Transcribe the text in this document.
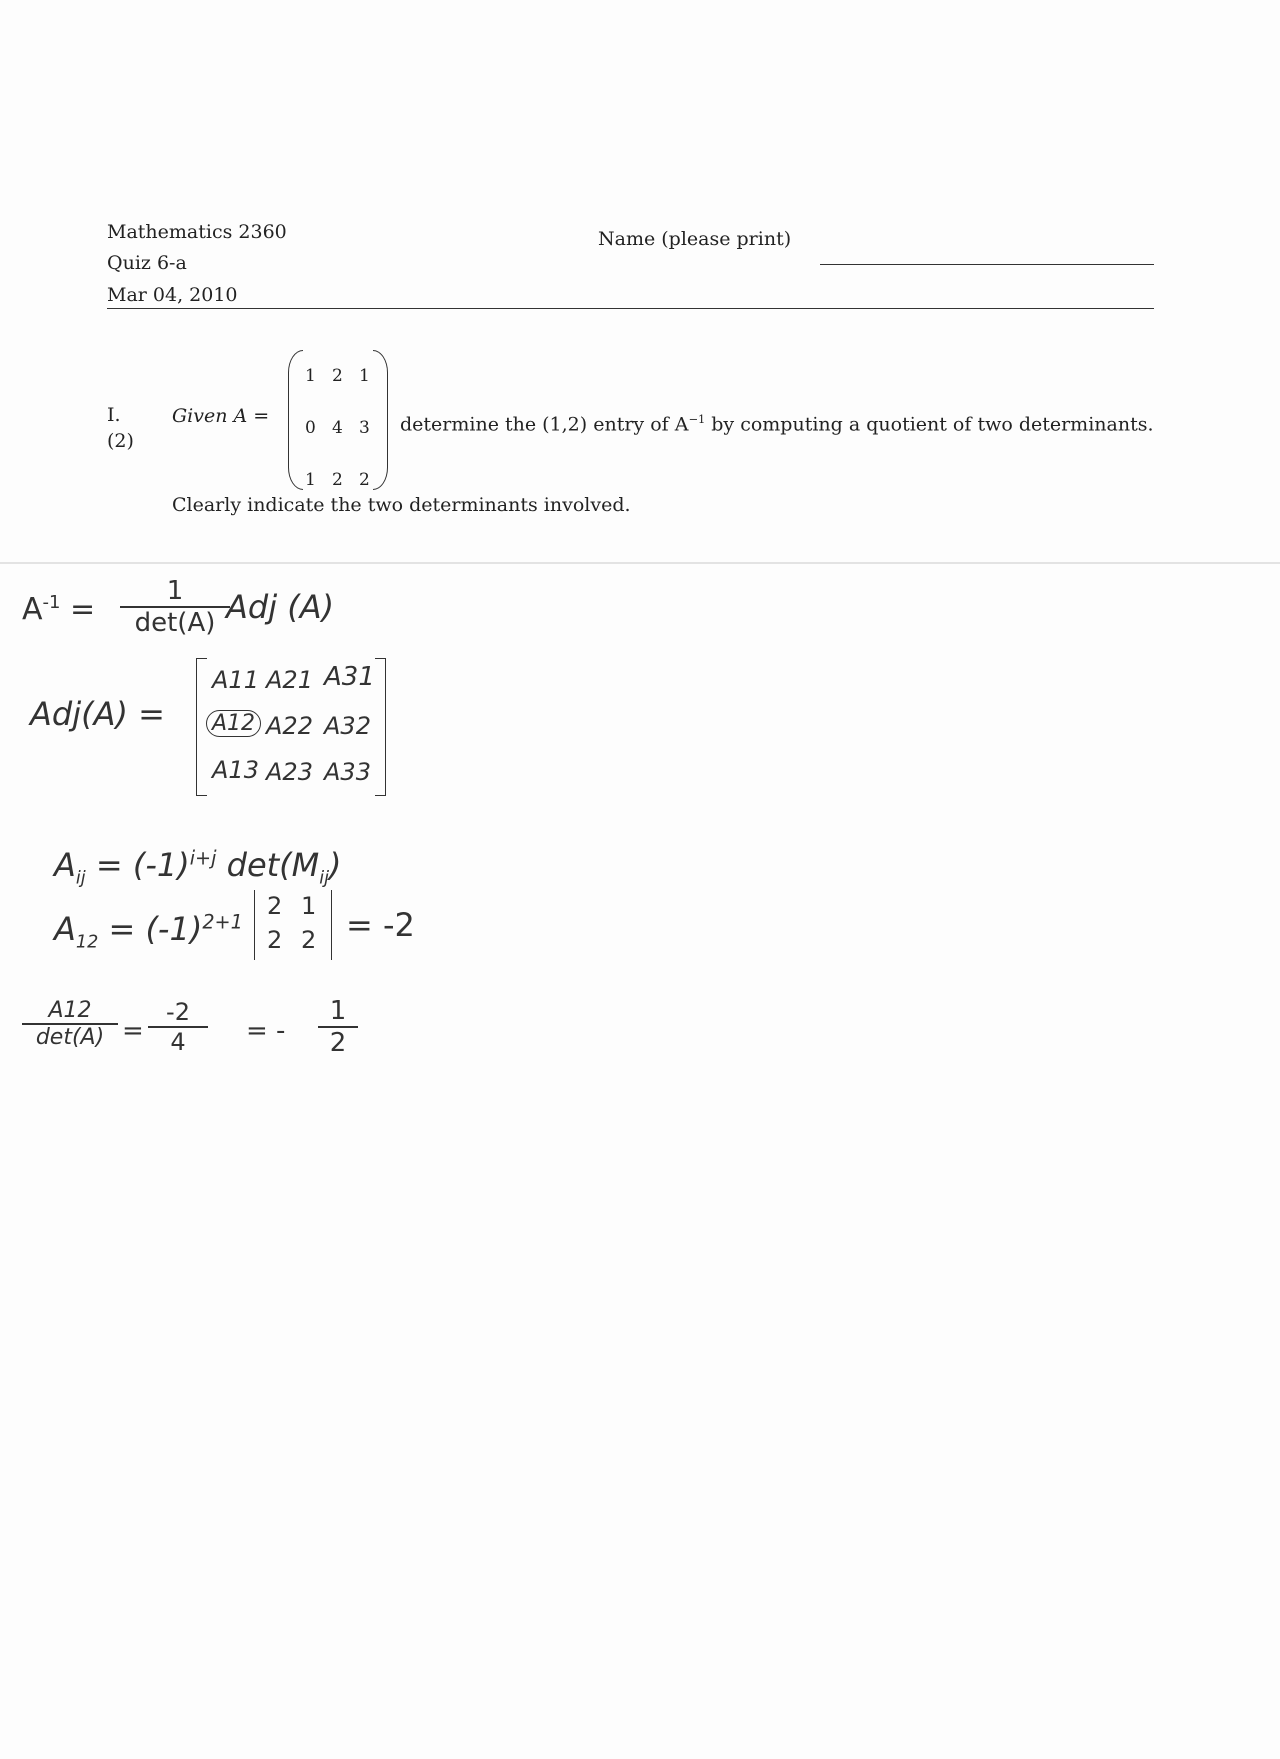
Mathematics 2360
Quiz 6-a
Mar 04, 2010
Name (please print)
I.
(2)
Given A =
1 2 1
0 4 3
1 2 2
determine the (1,2) entry of $A^{-1}$ by computing a quotient of two determinants.
Clearly indicate the two determinants involved.
$A^{-1}$ =
1
det(A) Adj (A)
Adj(A) =
A11 A21 A31
A12 A22 A32
A13 A23 A33
$A_{ij} = (-1)^{i+j}$ $\det(M_{ij})$
$A_{12} = (-1)^{2+1}$
2 1
2 2 = -2
A12
det(A) =
-2
4	= -
1
2
